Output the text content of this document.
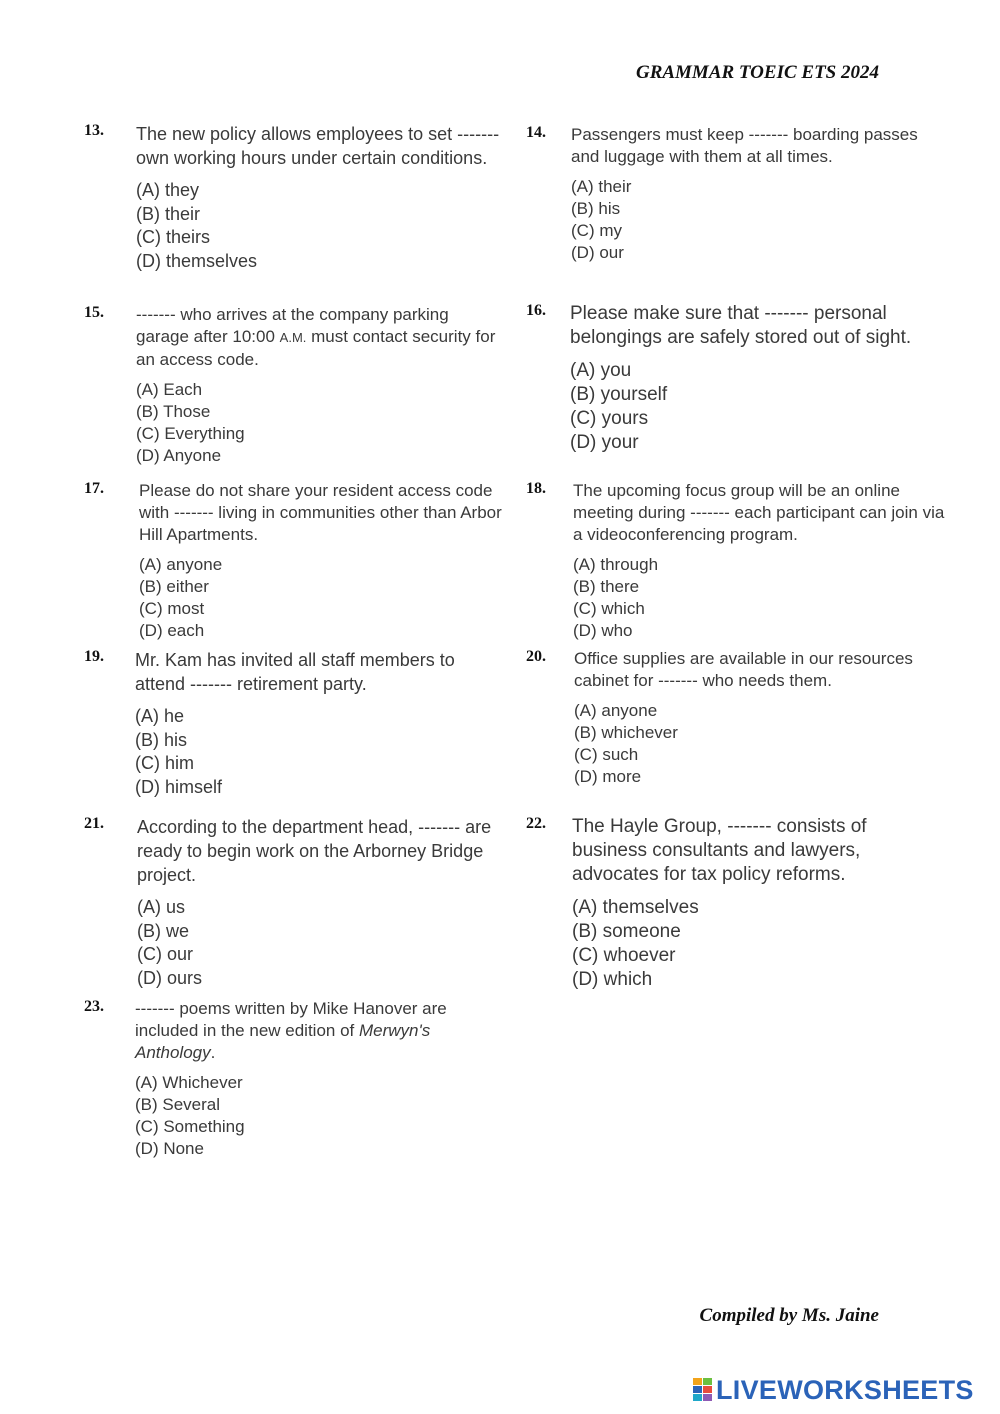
GRAMMAR TOEIC ETS 2024
13. The new policy allows employees to set ------- own working hours under certain conditions.

(A) they
(B) their
(C) theirs
(D) themselves
14. Passengers must keep ------- boarding passes and luggage with them at all times.

(A) their
(B) his
(C) my
(D) our
15. ------- who arrives at the company parking garage after 10:00 A.M. must contact security for an access code.

(A) Each
(B) Those
(C) Everything
(D) Anyone
16. Please make sure that ------- personal belongings are safely stored out of sight.

(A) you
(B) yourself
(C) yours
(D) your

Please do not share your resident access code with ------- living in communities other than Arbor Hill Apartments.

(A) anyone
(B) either
(C) most
(D) each
17.	18. The upcoming focus group will be an online meeting during ------- each participant can join via a videoconferencing program.

(A) through
(B) there
(C) which
(D) who
19. Mr. Kam has invited all staff members to attend ------- retirement party.

(A) he
(B) his
(C) him
(D) himself
20. Office supplies are available in our resources cabinet for ------- who needs them.

(A) anyone
(B) whichever
(C) such
(D) more
21. According to the department head, ------- are ready to begin work on the Arborney Bridge project.

(A) us
(B) we
(C) our
(D) ours
22. The Hayle Group, ------- consists of business consultants and lawyers, advocates for tax policy reforms.

(A) themselves
(B) someone
(C) whoever
(D) which
23. ------- poems written by Mike Hanover are included in the new edition of Merwyn's Anthology.

(A) Whichever
(B) Several
(C) Something
(D) None
Compiled by Ms. Jaine
LIVEWORKSHEETS
